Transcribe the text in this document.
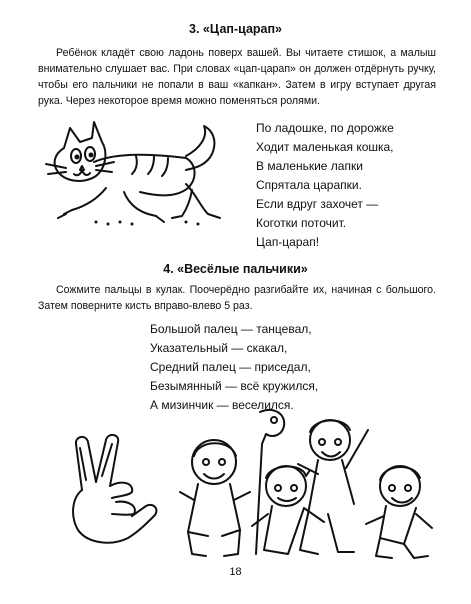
3. «Цап-царап»
Ребёнок кладёт свою ладонь поверх вашей. Вы читаете стишок, а малыш внимательно слушает вас. При словах «цап-царап» он должен отдёрнуть ручку, чтобы его пальчики не попали в ваш «капкан». Затем в игру вступает другая рука. Через некоторое время можно поменяться ролями.
По ладошке, по дорожке
Ходит маленькая кошка,
В маленькие лапки
Спрятала царапки.
Если вдруг захочет —
Коготки поточит.
Цап-царап!
4. «Весёлые пальчики»
Сожмите пальцы в кулак. Поочерёдно разгибайте их, начиная с большого. Затем поверните кисть вправо-влево 5 раз.
Большой палец — танцевал,
Указательный — скакал,
Средний палец — приседал,
Безымянный — всё кружился,
А мизинчик — веселился.
18
